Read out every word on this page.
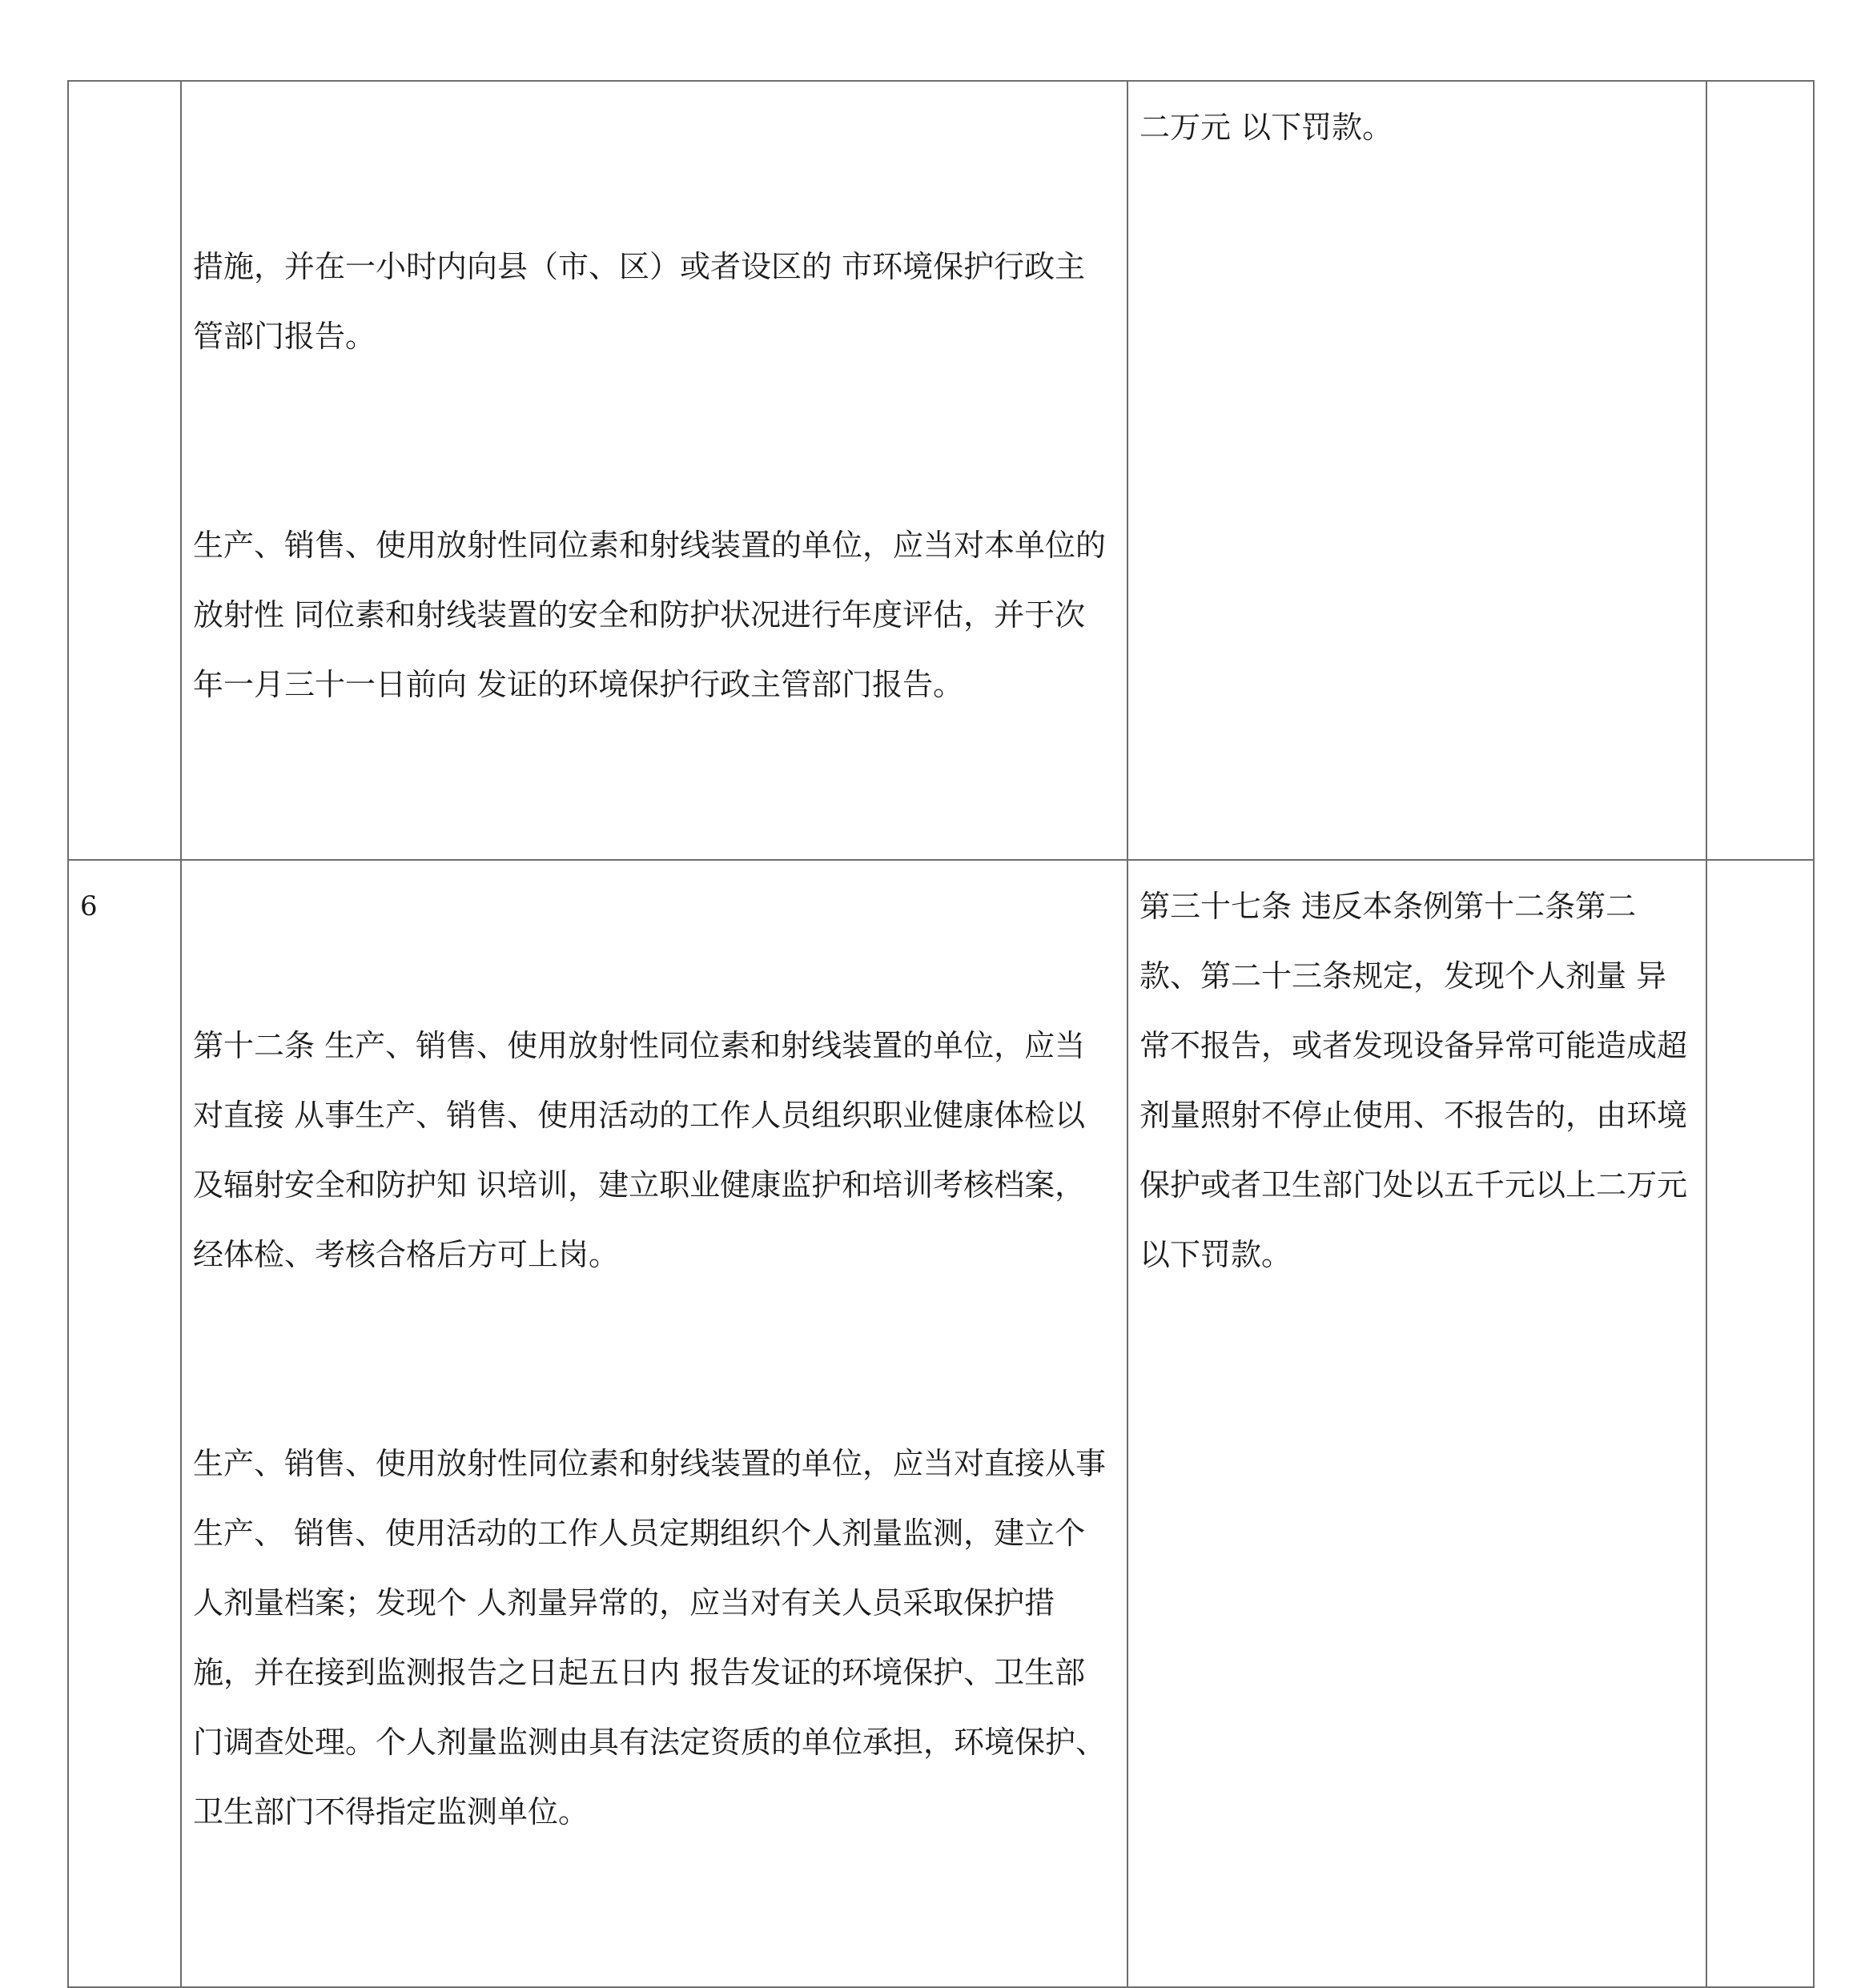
	措施，并在一小时内向县（市、区）或者设区的 市环境保护行政主管部门报告。

生产、销售、使用放射性同位素和射线装置的单位，应当对本单位的放射性 同位素和射线装置的安全和防护状况进行年度评估，并于次年一月三十一日前向 发证的环境保护行政主管部门报告。	二万元 以下罚款。	

6	第十二条 生产、销售、使用放射性同位素和射线装置的单位，应当对直接 从事生产、销售、使用活动的工作人员组织职业健康体检以及辐射安全和防护知 识培训，建立职业健康监护和培训考核档案，经体检、考核合格后方可上岗。

生产、销售、使用放射性同位素和射线装置的单位，应当对直接从事生产、 销售、使用活动的工作人员定期组织个人剂量监测，建立个人剂量档案；发现个 人剂量异常的，应当对有关人员采取保护措施，并在接到监测报告之日起五日内 报告发证的环境保护、卫生部门调查处理。个人剂量监测由具有法定资质的单位承担，环境保护、卫生部门不得指定监测单位。	第三十七条 违反本条例第十二条第二款、第二十三条规定，发现个人剂量 异常不报告，或者发现设备异常可能造成超剂量照射不停止使用、不报告的，由环境保护或者卫生部门处以五千元以上二万元以下罚款。	
